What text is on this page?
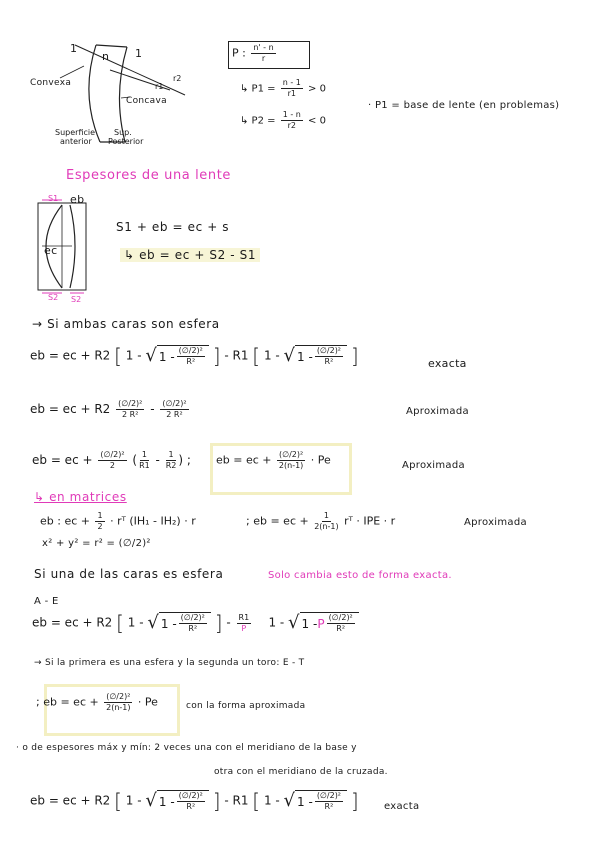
1
n 1
r2
r1
Convexa
Concava
Superficie
anterior
Sup.
Posterior
P : $\frac{n' - n}{r}$
↳ $P1 = \frac{n - 1}{r1} > 0$
↳ $P2 = \frac{1 - n}{r2} < 0$
· P1 = base de lente (en problemas)
Espesores de una lente
S1 eb
ec
S2 S2
S1 + eb = ec + s
↳ eb = ec + S2 - S1
→ Si ambas caras son esfera
eb = ec + R2 [ 1 - √ $1 - \frac{\text{(∅/2)²}}{\text{R²}}$ ] - R1 [ 1 - √ $1 - \frac{\text{(∅/2)²}}{\text{R²}}$ ]	exacta
eb = ec + $R2 \frac{\text{(∅/2)²}}{\text{2 R²}} - \frac{\text{(∅/2)²}}{\text{2 R²}}$	Aproximada
eb = ec + $\frac{\text{(∅/2)²}}{2}$ ( $\frac{1}{R1} - \frac{1}{R2}$ ) ; eb = ec + $\frac{\text{(∅/2)²}}{2(n-1)} \cdot Pe$	Aproximada
↳ en matrices
eb : ec + $\frac{1}{2}$ · rᵀ (IH₁ - IH₂) · r	; eb = ec + $\frac{1}{2(n-1)}$ rᵀ · IPE · r	Aproximada
x² + y² = r² = (∅/2)²
Si una de las caras es esfera	Solo cambia esto de forma exacta.
A - E
eb = ec + R2 [ 1 - √ $1 - \frac{\text{(∅/2)²}}{\text{R²}}$ ] - $\frac{R1}{P} 1$ - √ 1 - P $\frac{\text{(∅/2)²}}{\text{R²}}$
→ Si la primera es una esfera y la segunda un toro: E - T
; eb = ec + $\frac{\text{(∅/2)²}}{2(n-1)} \cdot Pe$	con la forma aproximada
· o de espesores máx y mín: 2 veces una con el meridiano de la base y
otra con el meridiano de la cruzada.
eb = ec + R2 [ 1 - √ $1 - \frac{\text{(∅/2)²}}{\text{R²}}$ ] - R1 [ 1 - √ $1 - \frac{\text{(∅/2)²}}{\text{R²}}$ ]	exacta
